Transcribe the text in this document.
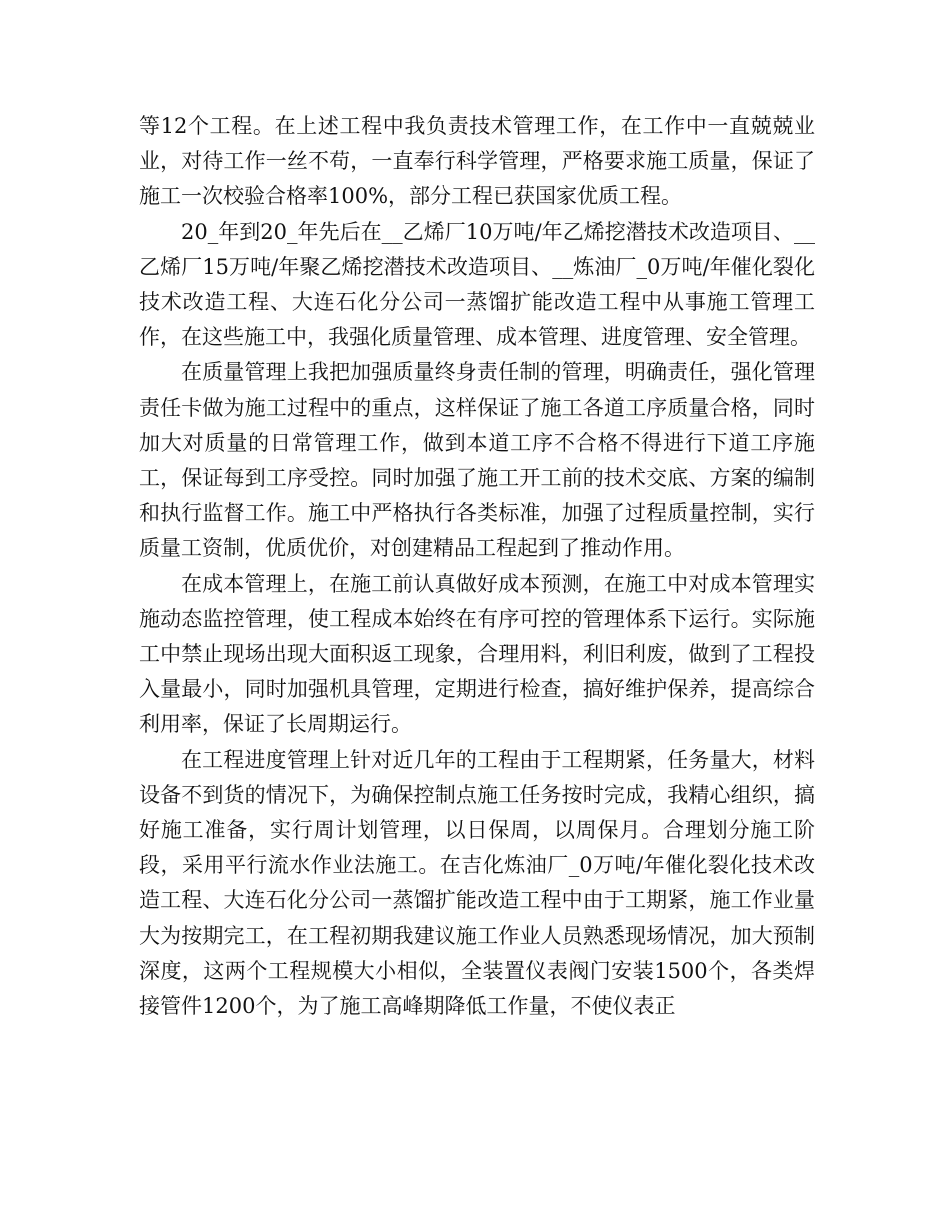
等12个工程。在上述工程中我负责技术管理工作，在工作中一直兢兢业业，对待工作一丝不苟，一直奉行科学管理，严格要求施工质量，保证了施工一次校验合格率100%，部分工程已获国家优质工程。

20_年到20_年先后在__乙烯厂10万吨/年乙烯挖潜技术改造项目、__乙烯厂15万吨/年聚乙烯挖潜技术改造项目、__炼油厂_0万吨/年催化裂化技术改造工程、大连石化分公司一蒸馏扩能改造工程中从事施工管理工作，在这些施工中，我强化质量管理、成本管理、进度管理、安全管理。

在质量管理上我把加强质量终身责任制的管理，明确责任，强化管理责任卡做为施工过程中的重点，这样保证了施工各道工序质量合格，同时加大对质量的日常管理工作，做到本道工序不合格不得进行下道工序施工，保证每到工序受控。同时加强了施工开工前的技术交底、方案的编制和执行监督工作。施工中严格执行各类标准，加强了过程质量控制，实行质量工资制，优质优价，对创建精品工程起到了推动作用。

在成本管理上，在施工前认真做好成本预测，在施工中对成本管理实施动态监控管理，使工程成本始终在有序可控的管理体系下运行。实际施工中禁止现场出现大面积返工现象，合理用料，利旧利废，做到了工程投入量最小，同时加强机具管理，定期进行检查，搞好维护保养，提高综合利用率，保证了长周期运行。

在工程进度管理上针对近几年的工程由于工程期紧，任务量大，材料设备不到货的情况下，为确保控制点施工任务按时完成，我精心组织，搞好施工准备，实行周计划管理，以日保周，以周保月。合理划分施工阶段，采用平行流水作业法施工。在吉化炼油厂_0万吨/年催化裂化技术改造工程、大连石化分公司一蒸馏扩能改造工程中由于工期紧，施工作业量大为按期完工，在工程初期我建议施工作业人员熟悉现场情况，加大预制深度，这两个工程规模大小相似，全装置仪表阀门安装1500个，各类焊接管件1200个，为了施工高峰期降低工作量，不使仪表正
